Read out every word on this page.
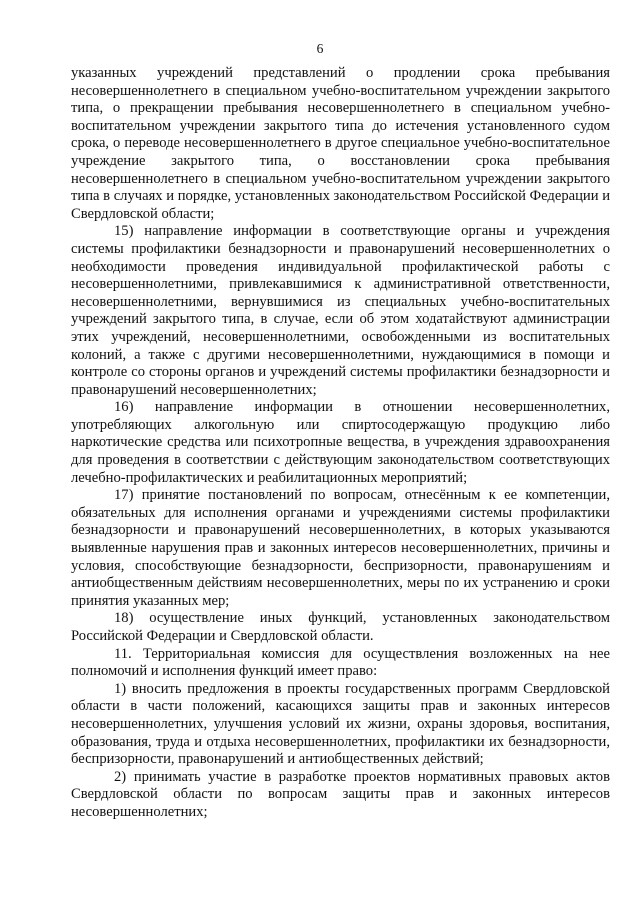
6

указанных учреждений представлений о продлении срока пребывания несовершеннолетнего в специальном учебно-воспитательном учреждении закрытого типа, о прекращении пребывания несовершеннолетнего в специальном учебно-воспитательном учреждении закрытого типа до истечения установленного судом срока, о переводе несовершеннолетнего в другое специальное учебно-воспитательное учреждение закрытого типа, о восстановлении срока пребывания несовершеннолетнего в специальном учебно-воспитательном учреждении закрытого типа в случаях и порядке, установленных законодательством Российской Федерации и Свердловской области;

15) направление информации в соответствующие органы и учреждения системы профилактики безнадзорности и правонарушений несовершеннолетних о необходимости проведения индивидуальной профилактической работы с несовершеннолетними, привлекавшимися к административной ответственности, несовершеннолетними, вернувшимися из специальных учебно-воспитательных учреждений закрытого типа, в случае, если об этом ходатайствуют администрации этих учреждений, несовершеннолетними, освобожденными из воспитательных колоний, а также с другими несовершеннолетними, нуждающимися в помощи и контроле со стороны органов и учреждений системы профилактики безнадзорности и правонарушений несовершеннолетних;

16) направление информации в отношении несовершеннолетних, употребляющих алкогольную или спиртосодержащую продукцию либо наркотические средства или психотропные вещества, в учреждения здравоохранения для проведения в соответствии с действующим законодательством соответствующих лечебно-профилактических и реабилитационных мероприятий;

17) принятие постановлений по вопросам, отнесённым к ее компетенции, обязательных для исполнения органами и учреждениями системы профилактики безнадзорности и правонарушений несовершеннолетних, в которых указываются выявленные нарушения прав и законных интересов несовершеннолетних, причины и условия, способствующие безнадзорности, беспризорности, правонарушениям и антиобщественным действиям несовершеннолетних, меры по их устранению и сроки принятия указанных мер;

18) осуществление иных функций, установленных законодательством Российской Федерации и Свердловской области.

11. Территориальная комиссия для осуществления возложенных на нее полномочий и исполнения функций имеет право:

1) вносить предложения в проекты государственных программ Свердловской области в части положений, касающихся защиты прав и законных интересов несовершеннолетних, улучшения условий их жизни, охраны здоровья, воспитания, образования, труда и отдыха несовершеннолетних, профилактики их безнадзорности, беспризорности, правонарушений и антиобщественных действий;

2) принимать участие в разработке проектов нормативных правовых актов Свердловской области по вопросам защиты прав и законных интересов несовершеннолетних;
